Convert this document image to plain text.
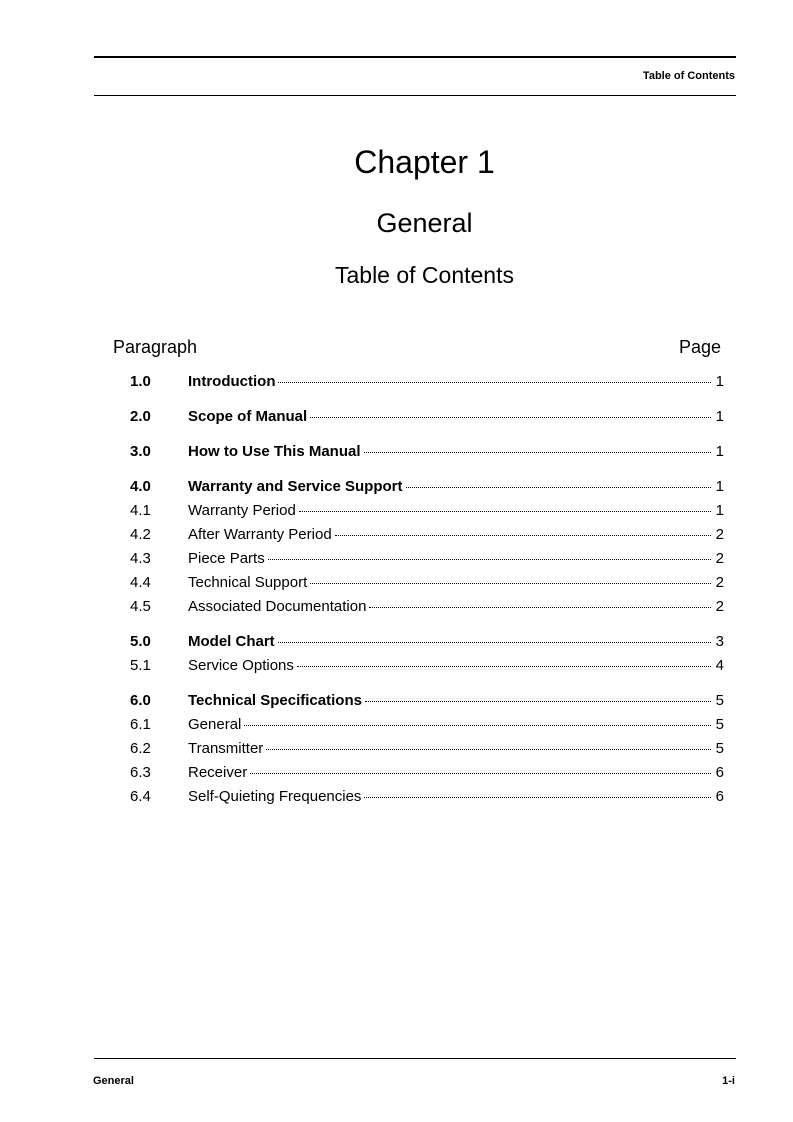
Table of Contents
Chapter 1
General
Table of Contents
Paragraph	Page
1.0	Introduction	1
2.0	Scope of Manual	1
3.0	How to Use This Manual	1
4.0	Warranty and Service Support	1
4.1	Warranty Period	1
4.2	After Warranty Period	2
4.3	Piece Parts	2
4.4	Technical Support	2
4.5	Associated Documentation	2
5.0	Model Chart	3
5.1	Service Options	4
6.0	Technical Specifications	5
6.1	General	5
6.2	Transmitter	5
6.3	Receiver	6
6.4	Self-Quieting Frequencies	6
General	1-i
